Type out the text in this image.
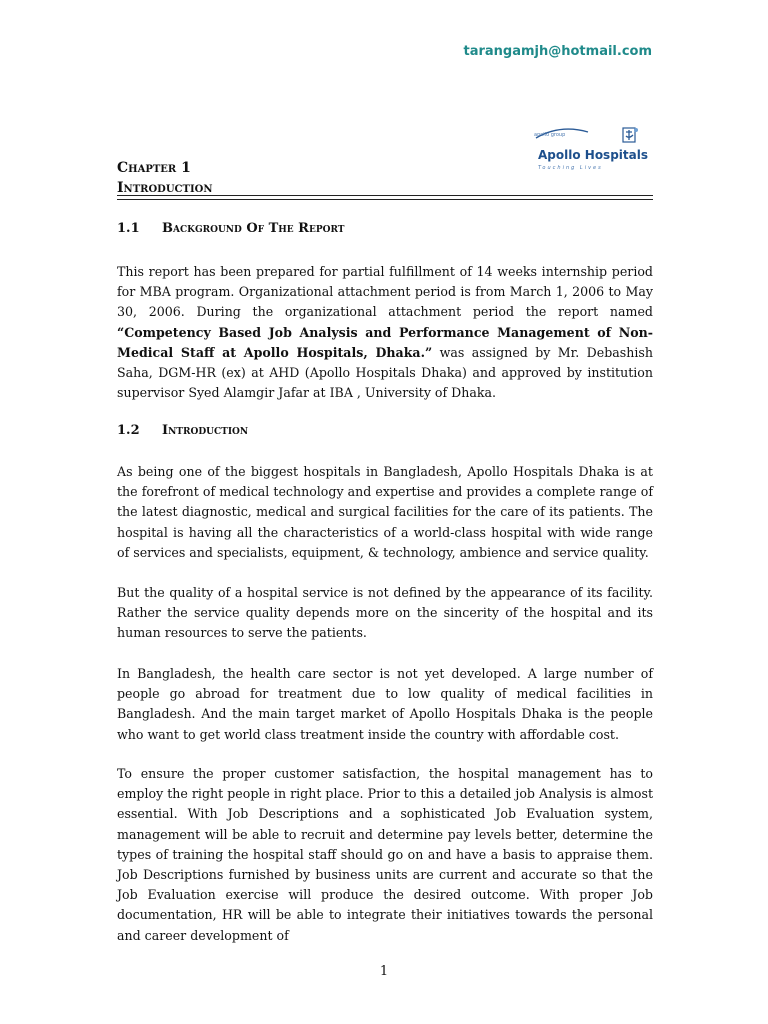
tarangamjh@hotmail.com
apollo group
Apollo Hospitals
Touching Lives
Chapter 1
Introduction
1.1 Background Of The Report
This report has been prepared for partial fulfillment of 14 weeks internship period for MBA program. Organizational attachment period is from March 1, 2006 to May 30, 2006. During the organizational attachment period the report named “Competency Based Job Analysis and Performance Management of Non-Medical Staff at Apollo Hospitals, Dhaka.” was assigned by Mr. Debashish Saha, DGM-HR (ex) at AHD (Apollo Hospitals Dhaka) and approved by institution supervisor Syed Alamgir Jafar at IBA , University of Dhaka.
1.2 Introduction
As being one of the biggest hospitals in Bangladesh, Apollo Hospitals Dhaka is at the forefront of medical technology and expertise and provides a complete range of the latest diagnostic, medical and surgical facilities for the care of its patients. The hospital is having all the characteristics of a world-class hospital with wide range of services and specialists, equipment, & technology, ambience and service quality.
But the quality of a hospital service is not defined by the appearance of its facility. Rather the service quality depends more on the sincerity of the hospital and its human resources to serve the patients.
In Bangladesh, the health care sector is not yet developed. A large number of people go abroad for treatment due to low quality of medical facilities in Bangladesh. And the main target market of Apollo Hospitals Dhaka is the people who want to get world class treatment inside the country with affordable cost.
To ensure the proper customer satisfaction, the hospital management has to employ the right people in right place. Prior to this a detailed job Analysis is almost essential. With Job Descriptions and a sophisticated Job Evaluation system, management will be able to recruit and determine pay levels better, determine the types of training the hospital staff should go on and have a basis to appraise them. Job Descriptions furnished by business units are current and accurate so that the Job Evaluation exercise will produce the desired outcome. With proper Job documentation, HR will be able to integrate their initiatives towards the personal and career development of
1
